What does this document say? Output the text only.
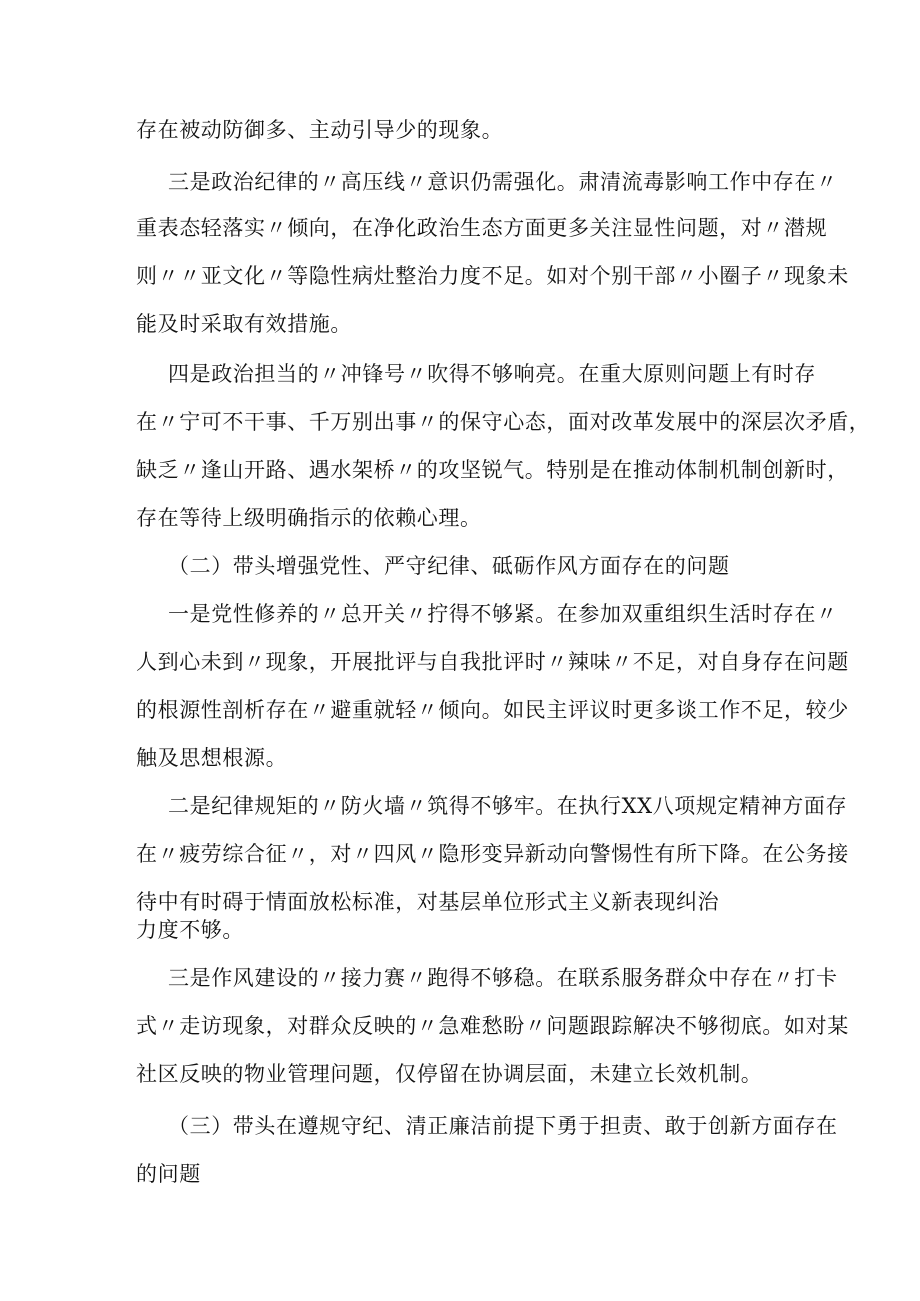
存在被动防御多、主动引导少的现象。
三是政治纪律的〃高压线〃意识仍需强化。肃清流毒影响工作中存在〃
重表态轻落实〃倾向，在净化政治生态方面更多关注显性问题，对〃潜规
则〃〃亚文化〃等隐性病灶整治力度不足。如对个别干部〃小圈子〃现象未
能及时采取有效措施。
四是政治担当的〃冲锋号〃吹得不够响亮。在重大原则问题上有时存
在〃宁可不干事、千万别出事〃的保守心态，面对改革发展中的深层次矛盾，
缺乏〃逢山开路、遇水架桥〃的攻坚锐气。特别是在推动体制机制创新时，
存在等待上级明确指示的依赖心理。
（二）带头增强党性、严守纪律、砥砺作风方面存在的问题
一是党性修养的〃总开关〃拧得不够紧。在参加双重组织生活时存在〃
人到心未到〃现象，开展批评与自我批评时〃辣味〃不足，对自身存在问题
的根源性剖析存在〃避重就轻〃倾向。如民主评议时更多谈工作不足，较少
触及思想根源。
二是纪律规矩的〃防火墙〃筑得不够牢。在执行XX八项规定精神方面存
在〃疲劳综合征〃，对〃四风〃隐形变异新动向警惕性有所下降。在公务接
待中有时碍于情面放松标准，对基层单位形式主义新表现纠治
力度不够。
三是作风建设的〃接力赛〃跑得不够稳。在联系服务群众中存在〃打卡
式〃走访现象，对群众反映的〃急难愁盼〃问题跟踪解决不够彻底。如对某
社区反映的物业管理问题，仅停留在协调层面，未建立长效机制。
（三）带头在遵规守纪、清正廉洁前提下勇于担责、敢于创新方面存在
的问题
